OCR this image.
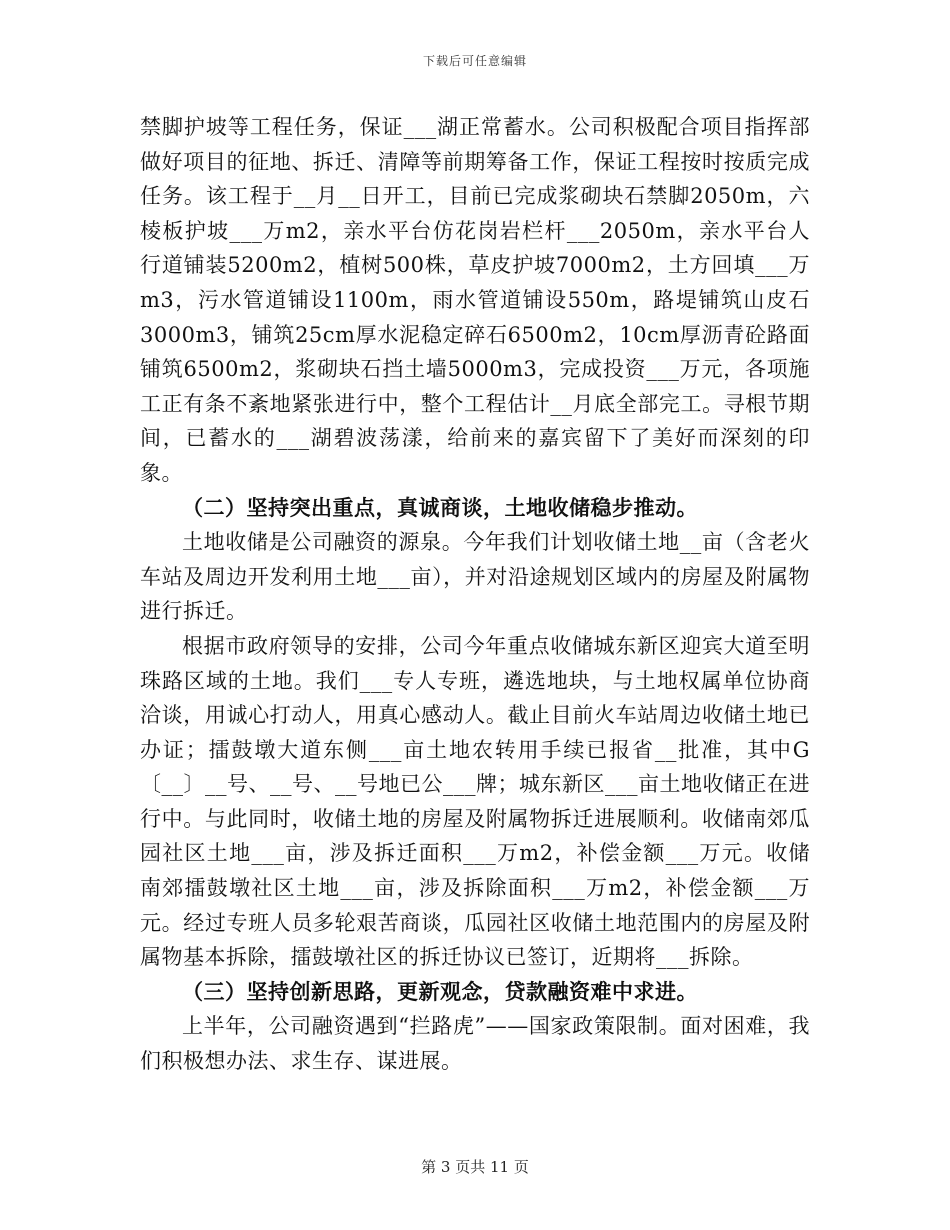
下载后可任意编辑

禁脚护坡等工程任务，保证___湖正常蓄水。公司积极配合项目指挥部做好项目的征地、拆迁、清障等前期筹备工作，保证工程按时按质完成任务。该工程于__月__日开工，目前已完成浆砌块石禁脚2050m，六棱板护坡___万m2，亲水平台仿花岗岩栏杆___2050m，亲水平台人行道铺装5200m2，植树500株，草皮护坡7000m2，土方回填___万m3，污水管道铺设1100m，雨水管道铺设550m，路堤铺筑山皮石3000m3，铺筑25cm厚水泥稳定碎石6500m2，10cm厚沥青砼路面铺筑6500m2，浆砌块石挡土墙5000m3，完成投资___万元，各项施工正有条不紊地紧张进行中，整个工程估计__月底全部完工。寻根节期间，已蓄水的___湖碧波荡漾，给前来的嘉宾留下了美好而深刻的印象。

（二）坚持突出重点，真诚商谈，土地收储稳步推动。

土地收储是公司融资的源泉。今年我们计划收储土地__亩（含老火车站及周边开发利用土地___亩），并对沿途规划区域内的房屋及附属物进行拆迁。

根据市政府领导的安排，公司今年重点收储城东新区迎宾大道至明珠路区域的土地。我们___专人专班，遴选地块，与土地权属单位协商洽谈，用诚心打动人，用真心感动人。截止目前火车站周边收储土地已办证；擂鼓墩大道东侧___亩土地农转用手续已报省__批准，其中G〔__〕__号、__号、__号地已公___牌；城东新区___亩土地收储正在进行中。与此同时，收储土地的房屋及附属物拆迁进展顺利。收储南郊瓜园社区土地___亩，涉及拆迁面积___万m2，补偿金额___万元。收储南郊擂鼓墩社区土地___亩，涉及拆除面积___万m2，补偿金额___万元。经过专班人员多轮艰苦商谈，瓜园社区收储土地范围内的房屋及附属物基本拆除，擂鼓墩社区的拆迁协议已签订，近期将___拆除。

（三）坚持创新思路，更新观念，贷款融资难中求进。

上半年，公司融资遇到“拦路虎”——国家政策限制。面对困难，我们积极想办法、求生存、谋进展。

第 3 页共 11 页
